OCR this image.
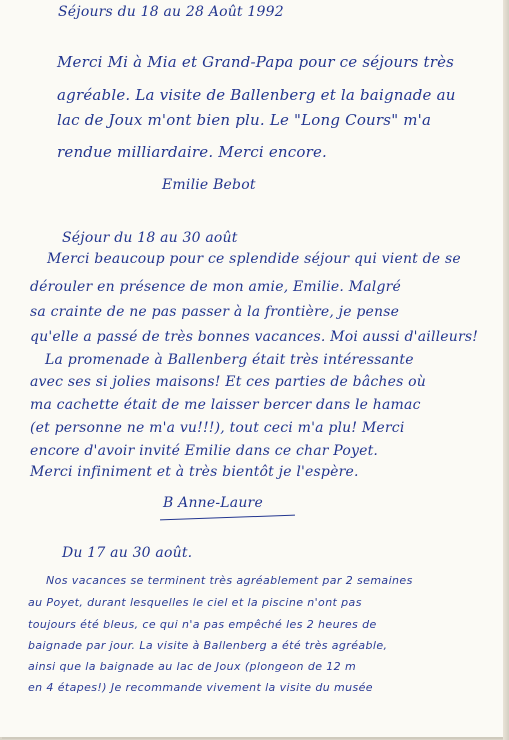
Séjours du 18 au 28 Août 1992
Merci Mi à Mia et Grand-Papa pour ce séjours très
agréable. La visite de Ballenberg et la baignade au
lac de Joux m'ont bien plu. Le "Long Cours" m'a
rendue milliardaire. Merci encore.
Emilie Bebot
Séjour du 18 au 30 août
Merci beaucoup pour ce splendide séjour qui vient de se
dérouler en présence de mon amie, Emilie. Malgré
sa crainte de ne pas passer à la frontière, je pense
qu'elle a passé de très bonnes vacances. Moi aussi d'ailleurs!
La promenade à Ballenberg était très intéressante
avec ses si jolies maisons! Et ces parties de bâches où
ma cachette était de me laisser bercer dans le hamac
(et personne ne m'a vu!!!), tout ceci m'a plu! Merci
encore d'avoir invité Emilie dans ce char Poyet.
Merci infiniment et à très bientôt je l'espère.
B Anne-Laure
Du 17 au 30 août.
Nos vacances se terminent très agréablement par 2 semaines
au Poyet, durant lesquelles le ciel et la piscine n'ont pas
toujours été bleus, ce qui n'a pas empêché les 2 heures de
baignade par jour. La visite à Ballenberg a été très agréable,
ainsi que la baignade au lac de Joux (plongeon de 12 m
en 4 étapes!) Je recommande vivement la visite du musée
